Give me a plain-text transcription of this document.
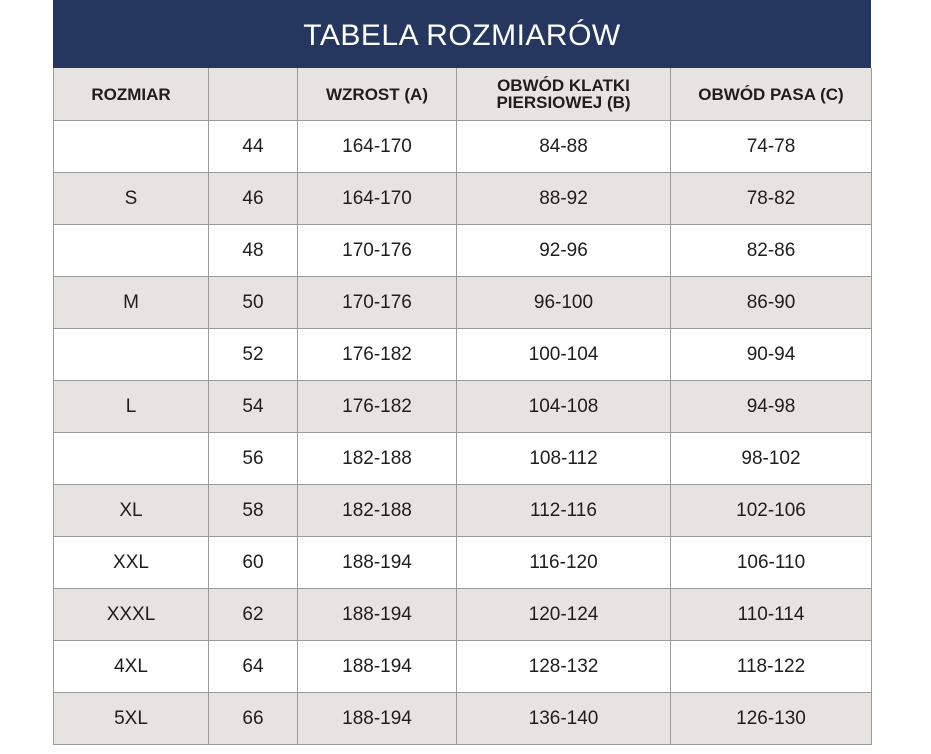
TABELA ROZMIARÓW
ROZMIAR		WZROST (A)	OBWÓD KLATKI
PIERSIOWEJ (B)	OBWÓD PASA (C)
	44	164-170	84-88	74-78
S	46	164-170	88-92	78-82
	48	170-176	92-96	82-86
M	50	170-176	96-100	86-90
	52	176-182	100-104	90-94
L	54	176-182	104-108	94-98
	56	182-188	108-112	98-102
XL	58	182-188	112-116	102-106
XXL	60	188-194	116-120	106-110
XXXL	62	188-194	120-124	110-114
4XL	64	188-194	128-132	118-122
5XL	66	188-194	136-140	126-130
